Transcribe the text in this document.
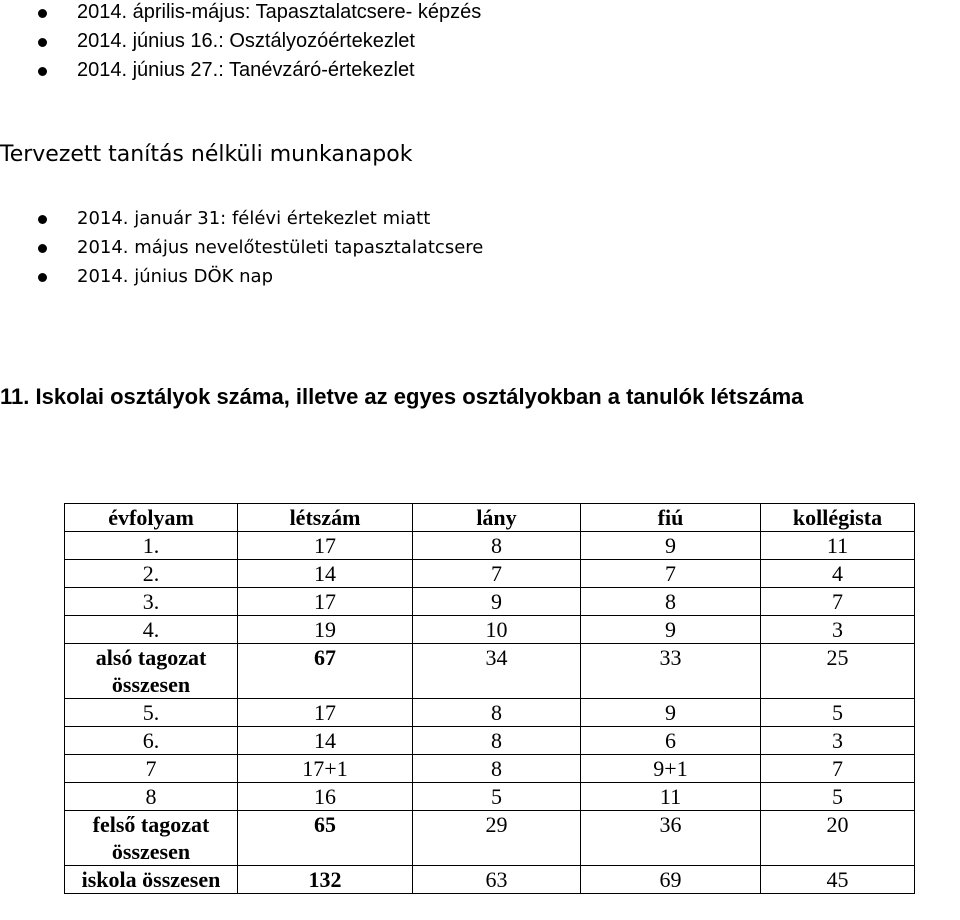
2014. április-május: Tapasztalatcsere- képzés
2014. június 16.: Osztályozóértekezlet
2014. június 27.: Tanévzáró-értekezlet
Tervezett tanítás nélküli munkanapok
2014. január 31: félévi értekezlet miatt
2014. május nevelőtestületi tapasztalatcsere
2014. június DÖK nap
11. Iskolai osztályok száma, illetve az egyes osztályokban a tanulók létszáma
évfolyam	létszám	lány	fiú	kollégista
1.	17	8	9	11
2.	14	7	7	4
3.	17	9	8	7
4.	19	10	9	3
alsó tagozat összesen	67	34	33	25
5.	17	8	9	5
6.	14	8	6	3
7	17+1	8	9+1	7
8	16	5	11	5
felső tagozat összesen	65	29	36	20
iskola összesen	132	63	69	45
